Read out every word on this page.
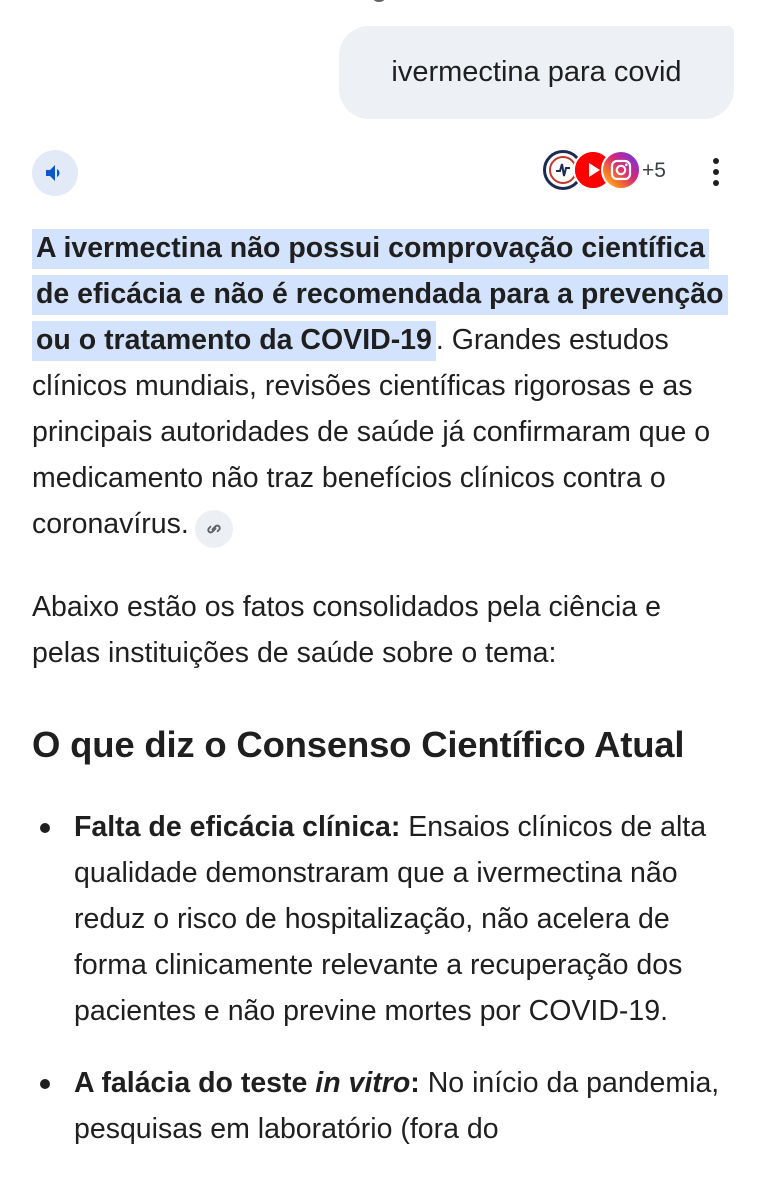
ivermectina para covid
+5
A ivermectina não possui comprovação científica de eficácia e não é recomendada para a prevenção ou o tratamento da COVID-19 . Grandes estudos clínicos mundiais, revisões científicas rigorosas e as principais autoridades de saúde já confirmaram que o medicamento não traz benefícios clínicos contra o coronavírus.
Abaixo estão os fatos consolidados pela ciência e pelas instituições de saúde sobre o tema:
O que diz o Consenso Científico Atual
Falta de eficácia clínica: Ensaios clínicos de alta qualidade demonstraram que a ivermectina não reduz o risco de hospitalização, não acelera de forma clinicamente relevante a recuperação dos pacientes e não previne mortes por COVID-19.
A falácia do teste in vitro: No início da pandemia, pesquisas em laboratório (fora do
